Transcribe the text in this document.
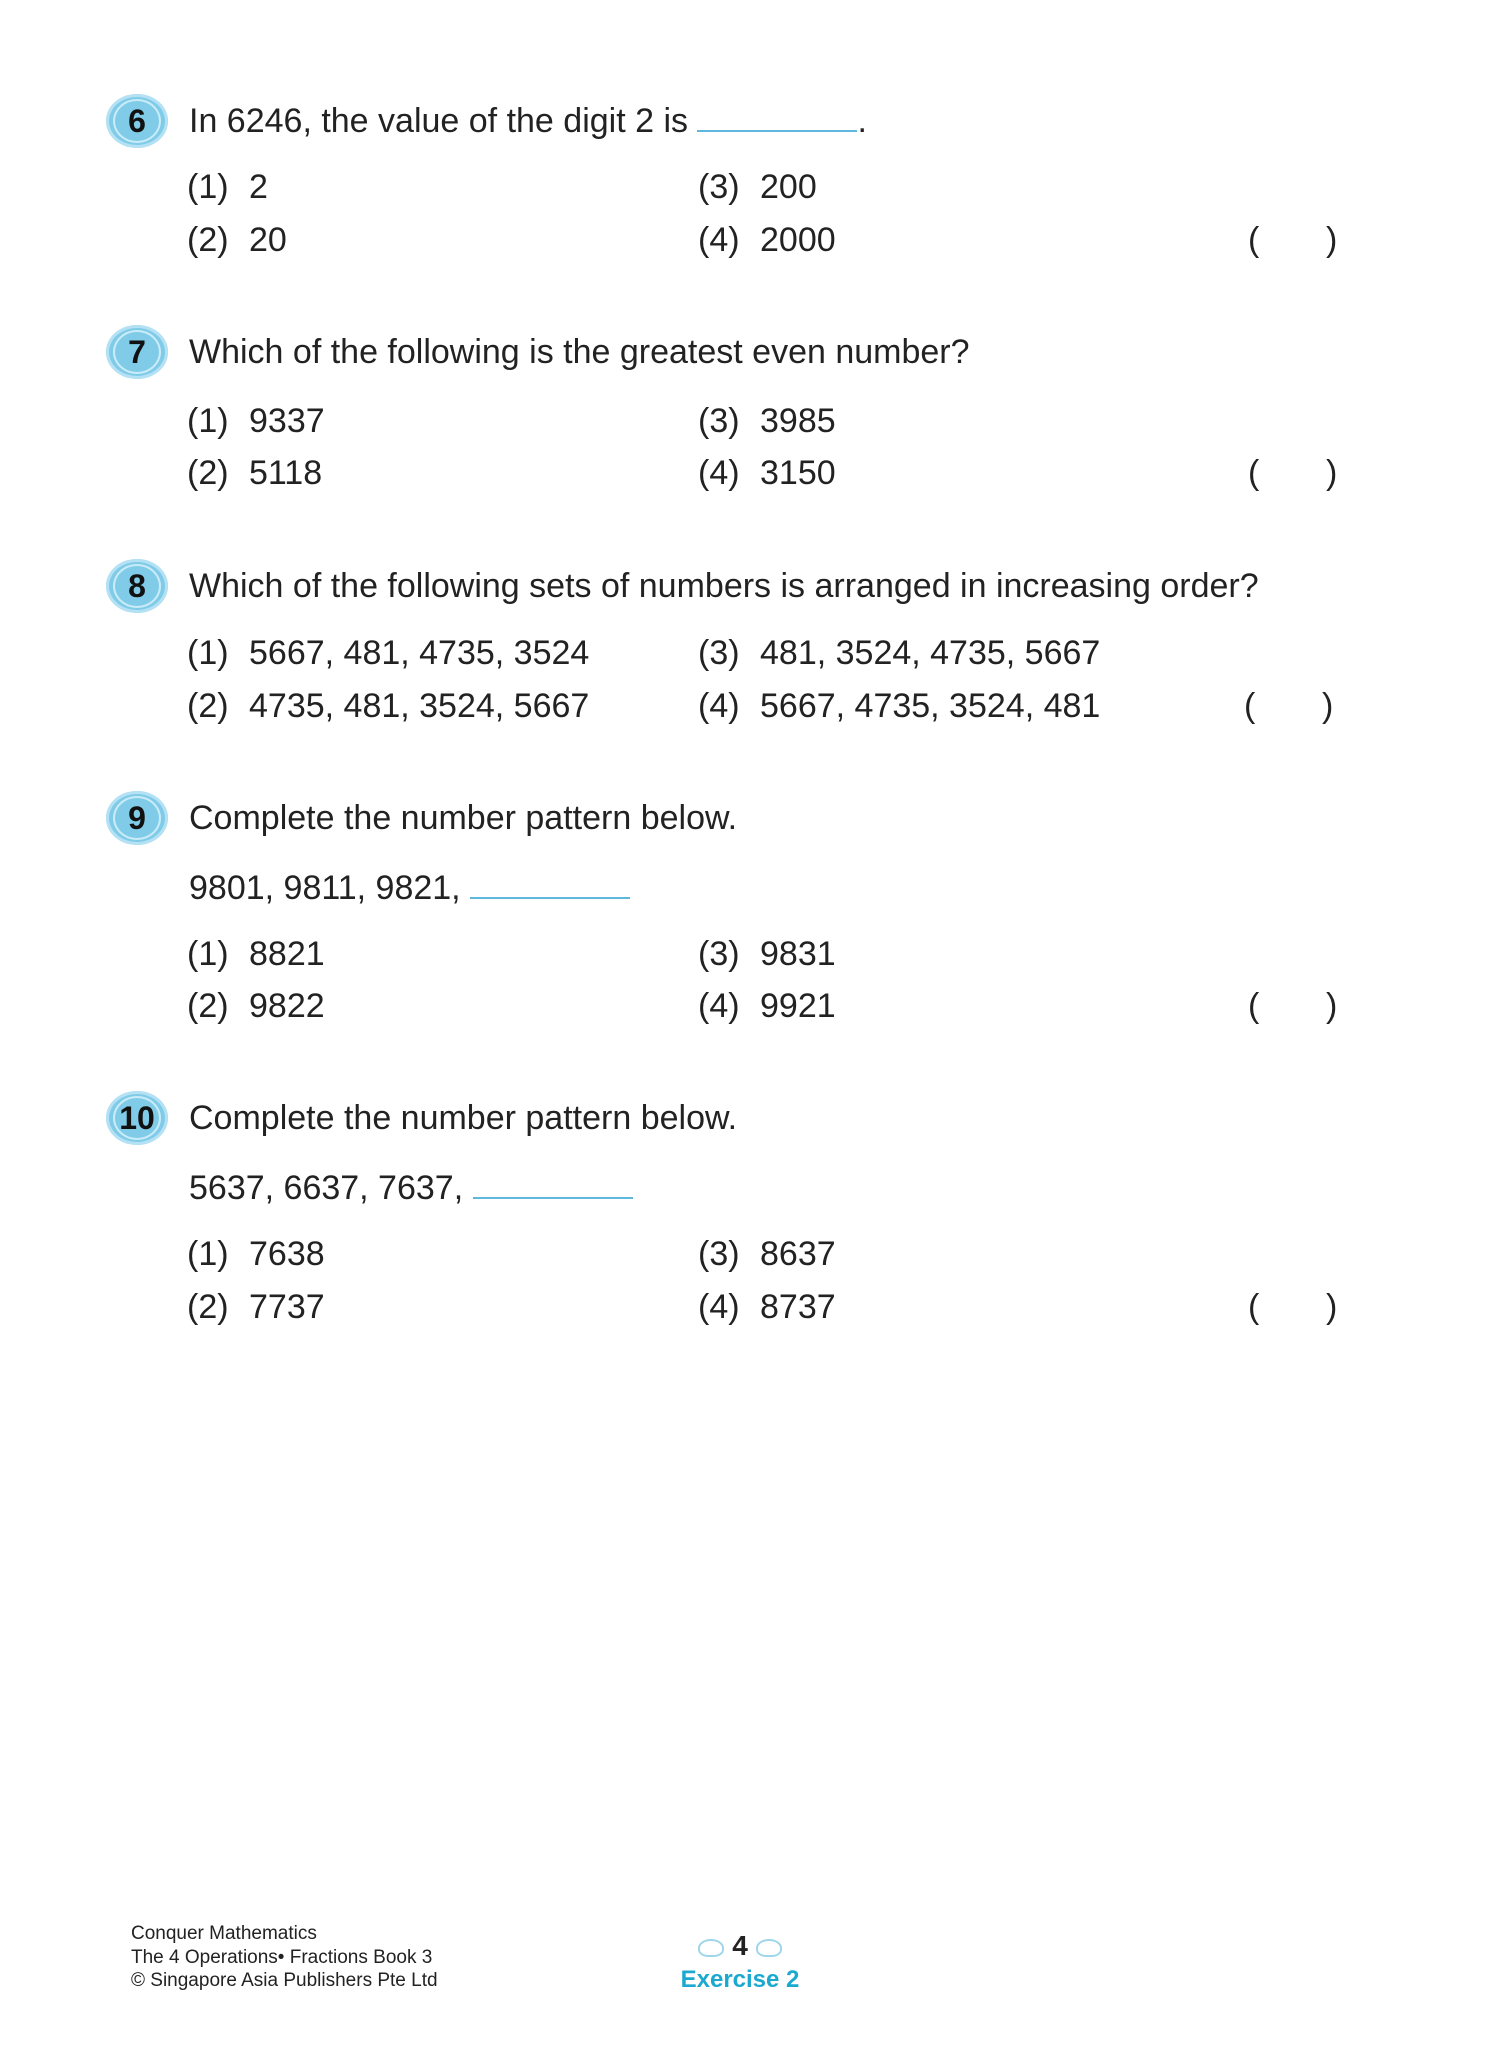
6	In 6246, the value of the digit 2 is	.
(1) 2
(2) 20
(3) 200
(4) 2000	( )
7	Which of the following is the greatest even number?
(1) 9337
(2) 5118
(3) 3985
(4) 3150	( )
8	Which of the following sets of numbers is arranged in increasing order?
(1) 5667, 481, 4735, 3524
(2) 4735, 481, 3524, 5667
(3) 481, 3524, 4735, 5667
(4) 5667, 4735, 3524, 481	( )
9	Complete the number pattern below.
9801, 9811, 9821,
(1) 8821
(2) 9822
(3) 9831
(4) 9921	( )
10 Complete the number pattern below.
5637, 6637, 7637,
(1) 7638
(2) 7737
(3) 8637
(4) 8737	( )
Conquer Mathematics
The 4 Operations• Fractions Book 3
© Singapore Asia Publishers Pte Ltd
4
Exercise 2
